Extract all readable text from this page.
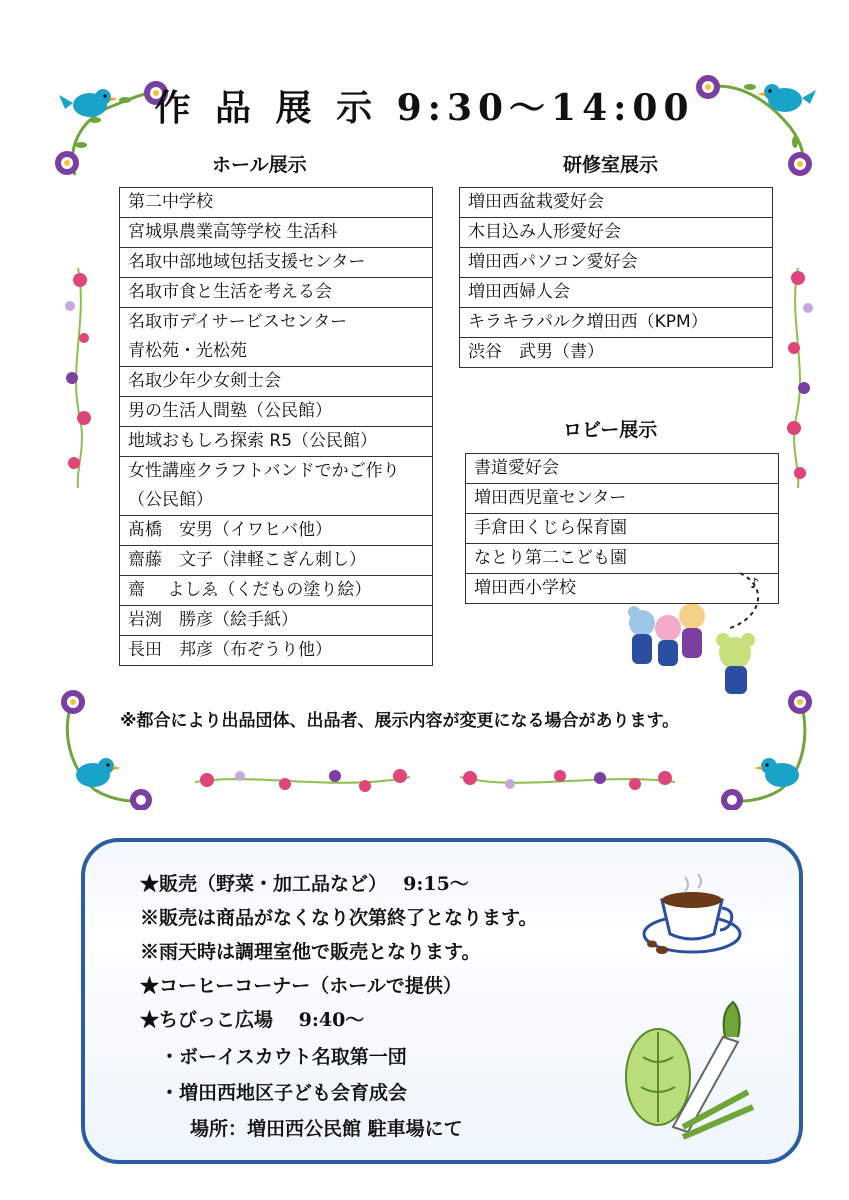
♪
作 品 展 示 9:30～14:00
ホール展示
第二中学校
宮城県農業高等学校 生活科
名取中部地域包括支援センター
名取市食と生活を考える会
名取市デイサービスセンター
青松苑・光松苑
名取少年少女剣士会
男の生活人間塾（公民館）
地域おもしろ探索 R5（公民館）
女性講座クラフトバンドでかご作り
（公民館）
髙橋　安男（イワヒバ他）
齋藤　文子（津軽こぎん刺し）
齋　 よしゑ（くだもの塗り絵）
岩渕　勝彦（絵手紙）
長田　邦彦（布ぞうり他）
研修室展示
増田西盆栽愛好会
木目込み人形愛好会
増田西パソコン愛好会
増田西婦人会
キラキラパルク増田西（KPM）
渋谷　武男（書）
ロビー展示
書道愛好会
増田西児童センター
手倉田くじら保育園
なとり第二こども園
増田西小学校
※都合により出品団体、出品者、展示内容が変更になる場合があります。
★販売（野菜・加工品など）　 9:15～
※販売は商品がなくなり次第終了となります。
※雨天時は調理室他で販売となります。
★コーヒーコーナー（ホールで提供）
★ちびっこ広場　 9:40～
・ボーイスカウト名取第一団
・増田西地区子ども会育成会
場所：増田西公民館 駐車場にて
